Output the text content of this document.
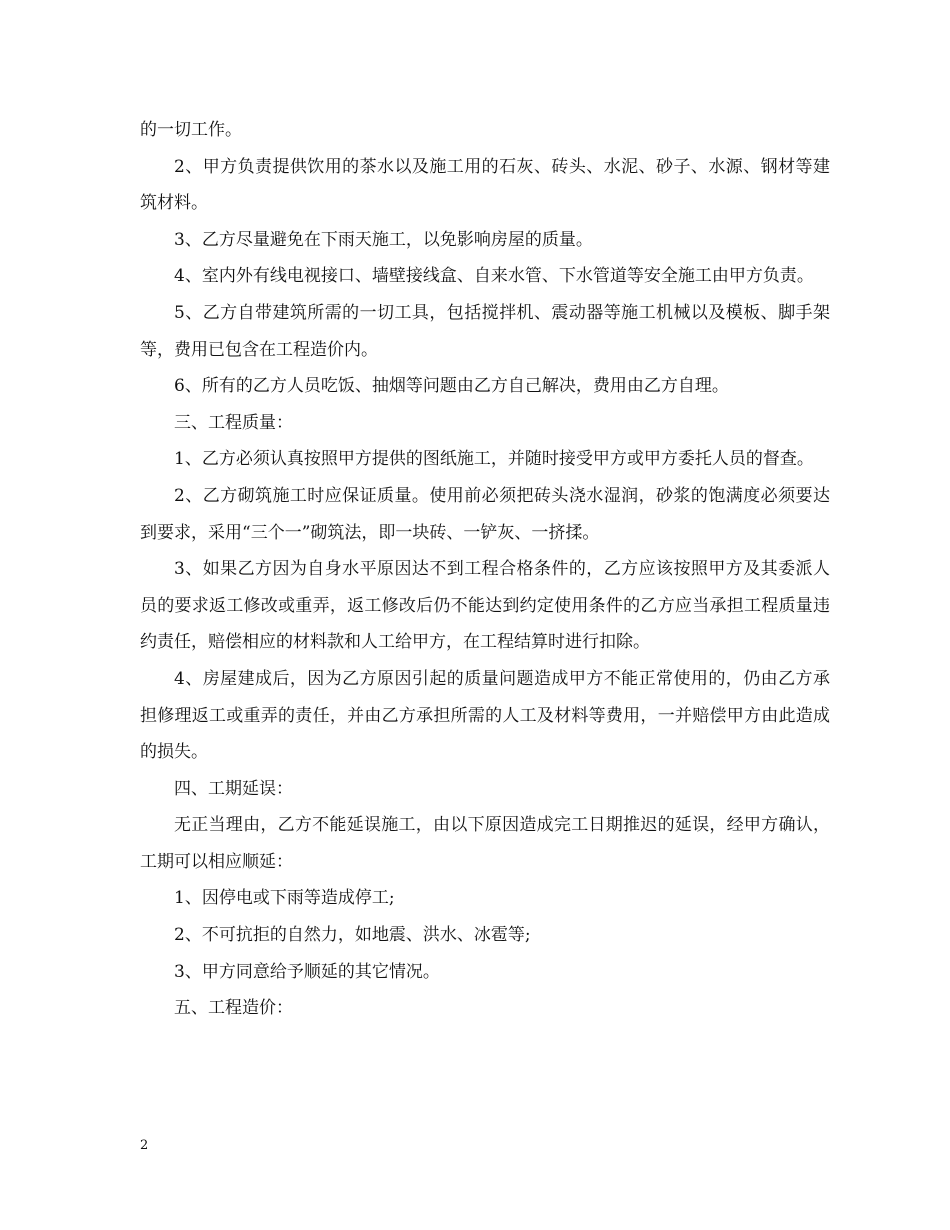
的一切工作。

2、甲方负责提供饮用的茶水以及施工用的石灰、砖头、水泥、砂子、水源、钢材等建筑材料。

3、乙方尽量避免在下雨天施工，以免影响房屋的质量。

4、室内外有线电视接口、墙壁接线盒、自来水管、下水管道等安全施工由甲方负责。

5、乙方自带建筑所需的一切工具，包括搅拌机、震动器等施工机械以及模板、脚手架等，费用已包含在工程造价内。

6、所有的乙方人员吃饭、抽烟等问题由乙方自己解决，费用由乙方自理。

三、工程质量：

1、乙方必须认真按照甲方提供的图纸施工，并随时接受甲方或甲方委托人员的督查。

2、乙方砌筑施工时应保证质量。使用前必须把砖头浇水湿润，砂浆的饱满度必须要达到要求，采用“三个一”砌筑法，即一块砖、一铲灰、一挤揉。

3、如果乙方因为自身水平原因达不到工程合格条件的，乙方应该按照甲方及其委派人员的要求返工修改或重弄，返工修改后仍不能达到约定使用条件的乙方应当承担工程质量违约责任，赔偿相应的材料款和人工给甲方，在工程结算时进行扣除。

4、房屋建成后，因为乙方原因引起的质量问题造成甲方不能正常使用的，仍由乙方承担修理返工或重弄的责任，并由乙方承担所需的人工及材料等费用，一并赔偿甲方由此造成的损失。

四、工期延误：

无正当理由，乙方不能延误施工，由以下原因造成完工日期推迟的延误，经甲方确认，工期可以相应顺延：

1、因停电或下雨等造成停工;

2、不可抗拒的自然力，如地震、洪水、冰雹等;

3、甲方同意给予顺延的其它情况。

五、工程造价：

2
